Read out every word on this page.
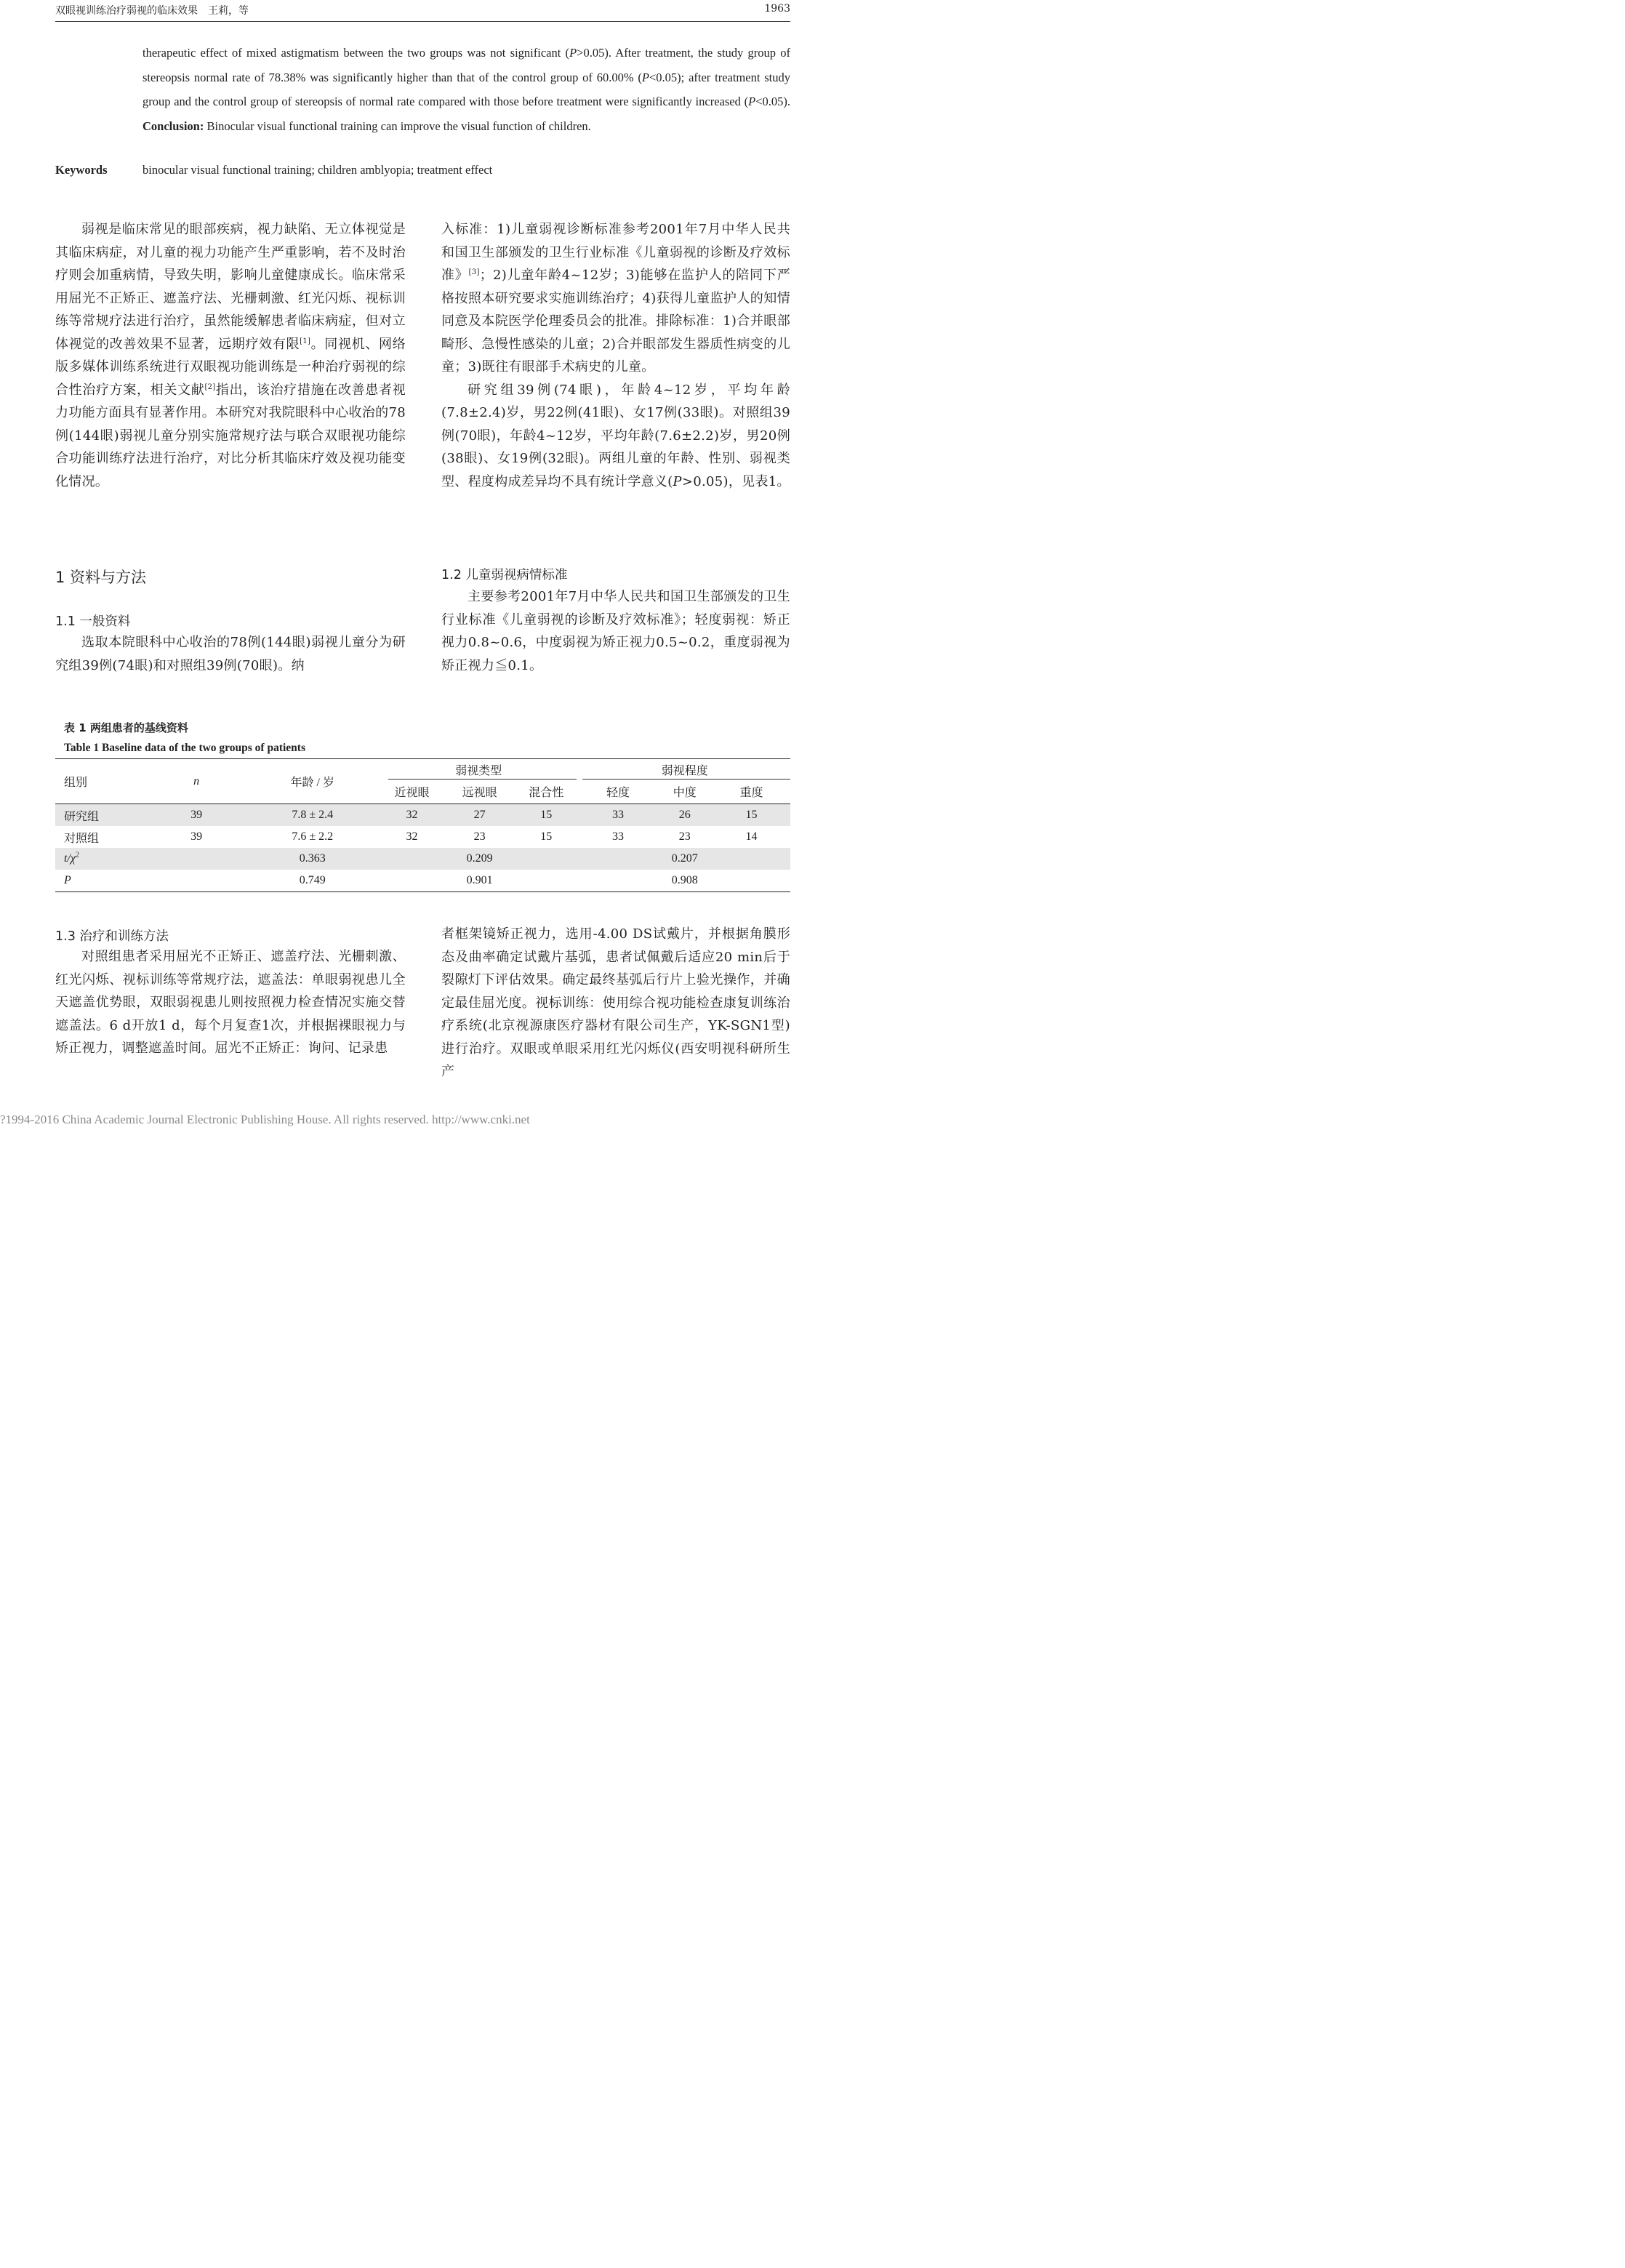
双眼视训练治疗弱视的临床效果　王莉，等	1963
therapeutic effect of mixed astigmatism between the two groups was not significant (P>0.05). After treatment, the study group of stereopsis normal rate of 78.38% was significantly higher than that of the control group of 60.00% (P<0.05); after treatment study group and the control group of stereopsis of normal rate compared with those before treatment were significantly increased (P<0.05). Conclusion: Binocular visual functional training can improve the visual function of children.
Keywords	binocular visual functional training; children amblyopia; treatment effect

弱视是临床常见的眼部疾病，视力缺陷、无立体视觉是其临床病症，对儿童的视力功能产生严重影响，若不及时治疗则会加重病情，导致失明，影响儿童健康成长。临床常采用屈光不正矫正、遮盖疗法、光栅刺激、红光闪烁、视标训练等常规疗法进行治疗，虽然能缓解患者临床病症，但对立体视觉的改善效果不显著，远期疗效有限[1]。同视机、网络版多媒体训练系统进行双眼视功能训练是一种治疗弱视的综合性治疗方案，相关文献[2]指出，该治疗措施在改善患者视力功能方面具有显著作用。本研究对我院眼科中心收治的78例(144眼)弱视儿童分别实施常规疗法与联合双眼视功能综合功能训练疗法进行治疗，对比分析其临床疗效及视功能变化情况。

1 资料与方法
1.1 一般资料

选取本院眼科中心收治的78例(144眼)弱视儿童分为研究组39例(74眼)和对照组39例(70眼)。纳

入标准：1)儿童弱视诊断标准参考2001年7月中华人民共和国卫生部颁发的卫生行业标准《儿童弱视的诊断及疗效标准》[3]；2)儿童年龄4~12岁；3)能够在监护人的陪同下严格按照本研究要求实施训练治疗；4)获得儿童监护人的知情同意及本院医学伦理委员会的批准。排除标准：1)合并眼部畸形、急慢性感染的儿童；2)合并眼部发生器质性病变的儿童；3)既往有眼部手术病史的儿童。

研究组39例(74眼)，年龄4~12岁，平均年龄(7.8±2.4)岁，男22例(41眼)、女17例(33眼)。对照组39例(70眼)，年龄4~12岁，平均年龄(7.6±2.2)岁，男20例(38眼)、女19例(32眼)。两组儿童的年龄、性别、弱视类型、程度构成差异均不具有统计学意义(P>0.05)，见表1。

1.2 儿童弱视病情标准

主要参考2001年7月中华人民共和国卫生部颁发的卫生行业标准《儿童弱视的诊断及疗效标准》；轻度弱视：矫正视力0.8~0.6，中度弱视为矫正视力0.5~0.2，重度弱视为矫正视力≦0.1。

表 1 两组患者的基线资料
Table 1 Baseline data of the two groups of patients
组别	n	年龄 / 岁	弱视类型			弱视程度		

			近视眼	远视眼	混合性	轻度	中度	重度
研究组	39	7.8 ± 2.4	32	27	15	33	26	15
对照组	39	7.6 ± 2.2	32	23	15	33	23	14
$t/\chi^2$		0.363		0.209			0.207	
P		0.749		0.901			0.908	
1.3 治疗和训练方法

对照组患者采用屈光不正矫正、遮盖疗法、光栅刺激、红光闪烁、视标训练等常规疗法，遮盖法：单眼弱视患儿全天遮盖优势眼，双眼弱视患儿则按照视力检查情况实施交替遮盖法。6 d开放1 d，每个月复查1次，并根据裸眼视力与矫正视力，调整遮盖时间。屈光不正矫正：询问、记录患

者框架镜矫正视力，选用-4.00 DS试戴片，并根据角膜形态及曲率确定试戴片基弧，患者试佩戴后适应20 min后于裂隙灯下评估效果。确定最终基弧后行片上验光操作，并确定最佳屈光度。视标训练：使用综合视功能检查康复训练治疗系统(北京视源康医疗器材有限公司生产，YK-SGN1型)进行治疗。双眼或单眼采用红光闪烁仪(西安明视科研所生产

?1994-2016 China Academic Journal Electronic Publishing House. All rights reserved. http://www.cnki.net
